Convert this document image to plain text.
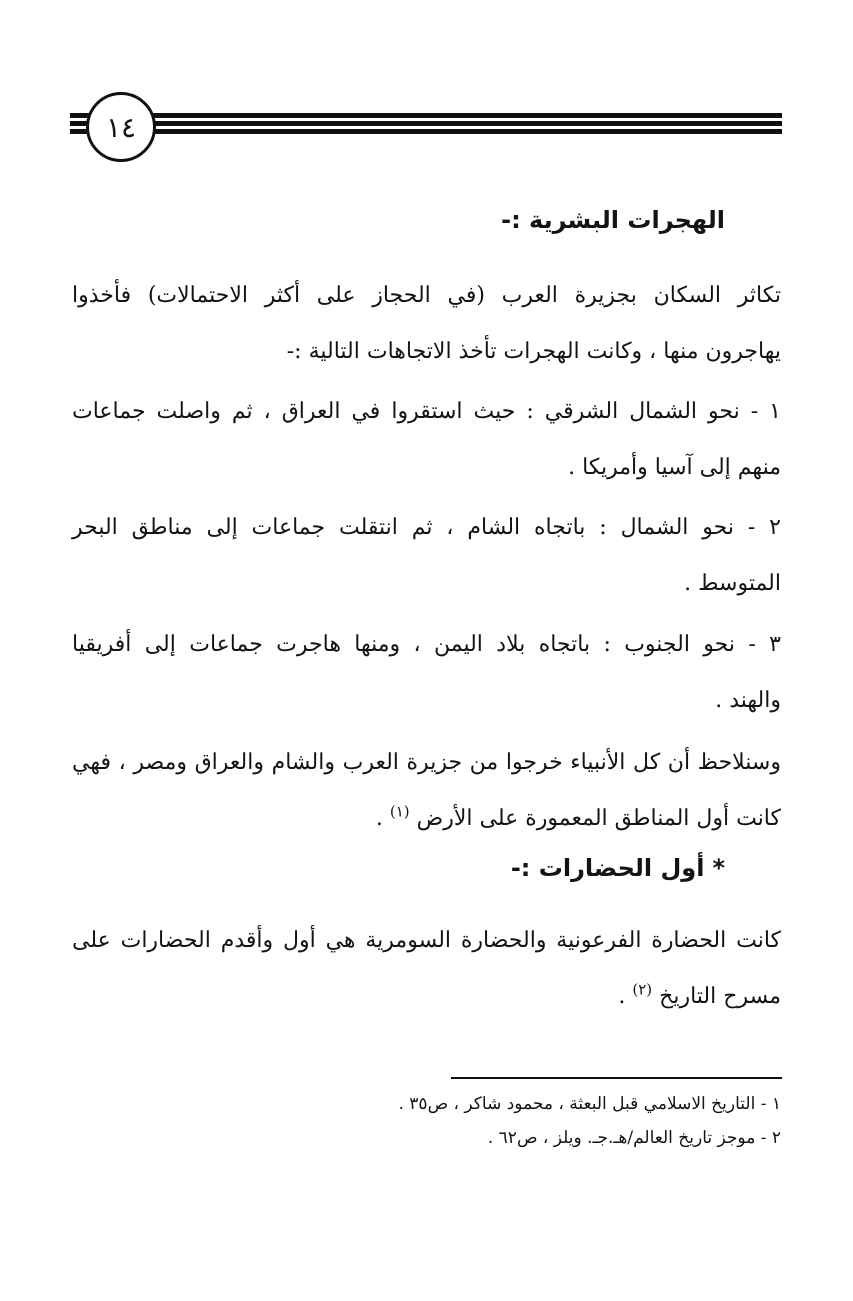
١٤
الهجرات البشرية :-
تكاثر السكان بجزيرة العرب (في الحجاز على أكثر الاحتمالات) فأخذوا
يهاجرون منها ، وكانت الهجرات تأخذ الاتجاهات التالية :-
١ - نحو الشمال الشرقي : حيث استقروا في العراق ، ثم واصلت جماعات
منهم إلى آسيا وأمريكا .
٢ - نحو الشمال : باتجاه الشام ، ثم انتقلت جماعات إلى مناطق البحر
المتوسط .
٣ - نحو الجنوب : باتجاه بلاد اليمن ، ومنها هاجرت جماعات إلى أفريقيا
والهند .
وسنلاحظ أن كل الأنبياء خرجوا من جزيرة العرب والشام والعراق ومصر ، فهي
كانت أول المناطق المعمورة على الأرض $^{(١)}$ .
*أول الحضارات :-
كانت الحضارة الفرعونية والحضارة السومرية هي أول وأقدم الحضارات على
مسرح التاريخ $^{(٢)}$ .
١ - التاريخ الاسلامي قبل البعثة ، محمود شاكر ، ص٣٥ .
٢ - موجز تاريخ العالم/هـ.جـ. ويلز ، ص٦٢ .
